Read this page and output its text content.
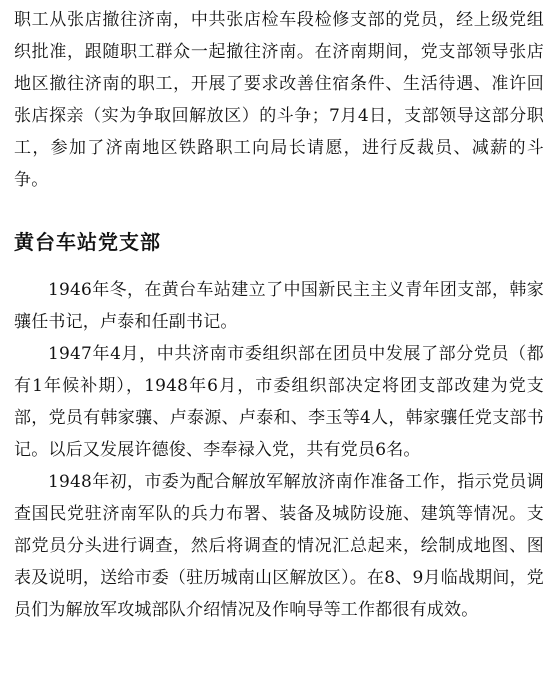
职工从张店撤往济南，中共张店检车段检修支部的党员，经上级党组织批准，跟随职工群众一起撤往济南。在济南期间，党支部领导张店地区撤往济南的职工，开展了要求改善住宿条件、生活待遇、准许回张店探亲（实为争取回解放区）的斗争；7月4日，支部领导这部分职工，参加了济南地区铁路职工向局长请愿，进行反裁员、减薪的斗争。

黄台车站党支部

1946年冬，在黄台车站建立了中国新民主主义青年团支部，韩家骧任书记，卢泰和任副书记。

1947年4月，中共济南市委组织部在团员中发展了部分党员（都有1年候补期），1948年6月，市委组织部决定将团支部改建为党支部，党员有韩家骧、卢泰源、卢泰和、李玉等4人，韩家骧任党支部书记。以后又发展许德俊、李奉禄入党，共有党员6名。

1948年初，市委为配合解放军解放济南作准备工作，指示党员调查国民党驻济南军队的兵力布署、装备及城防设施、建筑等情况。支部党员分头进行调查，然后将调查的情况汇总起来，绘制成地图、图表及说明，送给市委（驻历城南山区解放区）。在8、9月临战期间，党员们为解放军攻城部队介绍情况及作响导等工作都很有成效。
